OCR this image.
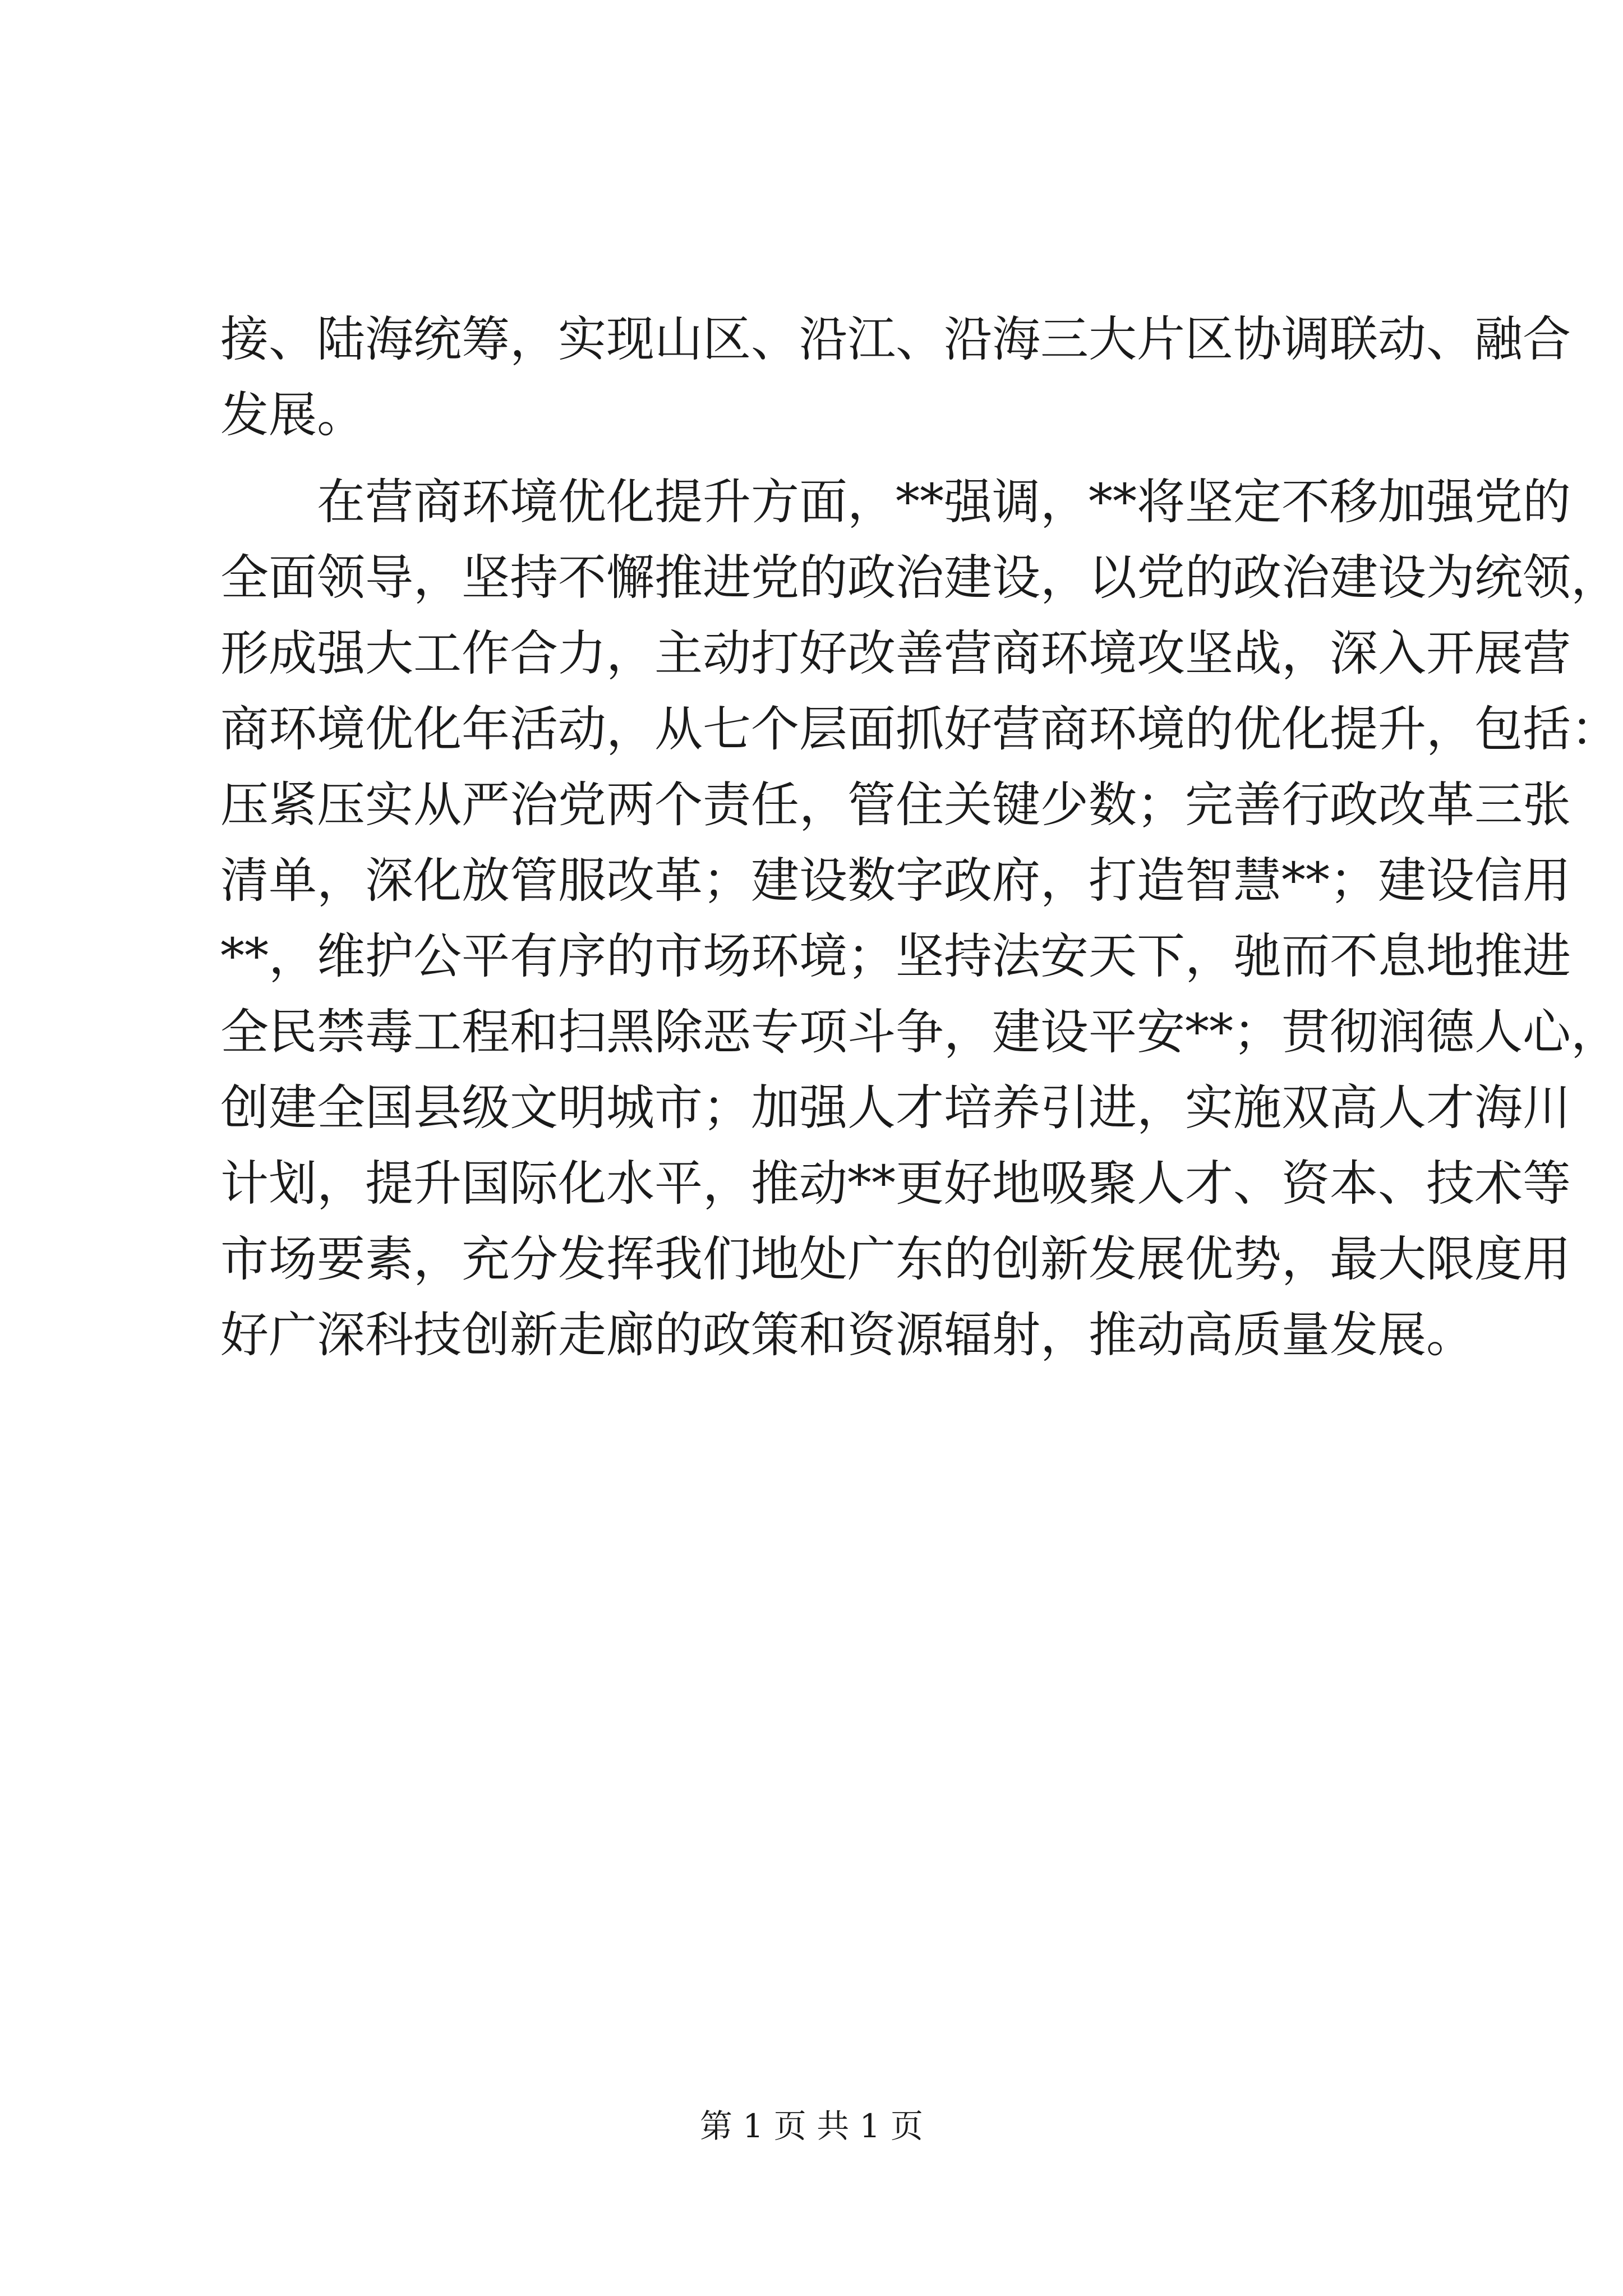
接、陆海统筹，实现山区、沿江、沿海三大片区协调联动、融合
发展。
在营商环境优化提升方面，**强调，**将坚定不移加强党的
全面领导，坚持不懈推进党的政治建设，以党的政治建设为统领，
形成强大工作合力，主动打好改善营商环境攻坚战，深入开展营
商环境优化年活动，从七个层面抓好营商环境的优化提升，包括：
压紧压实从严治党两个责任，管住关键少数；完善行政改革三张
清单，深化放管服改革；建设数字政府，打造智慧**；建设信用
**，维护公平有序的市场环境；坚持法安天下，驰而不息地推进
全民禁毒工程和扫黑除恶专项斗争，建设平安**；贯彻润德人心，
创建全国县级文明城市；加强人才培养引进，实施双高人才海川
计划，提升国际化水平，推动**更好地吸聚人才、资本、技术等
市场要素，充分发挥我们地处广东的创新发展优势，最大限度用
好广深科技创新走廊的政策和资源辐射，推动高质量发展。
第 1 页 共 1 页
